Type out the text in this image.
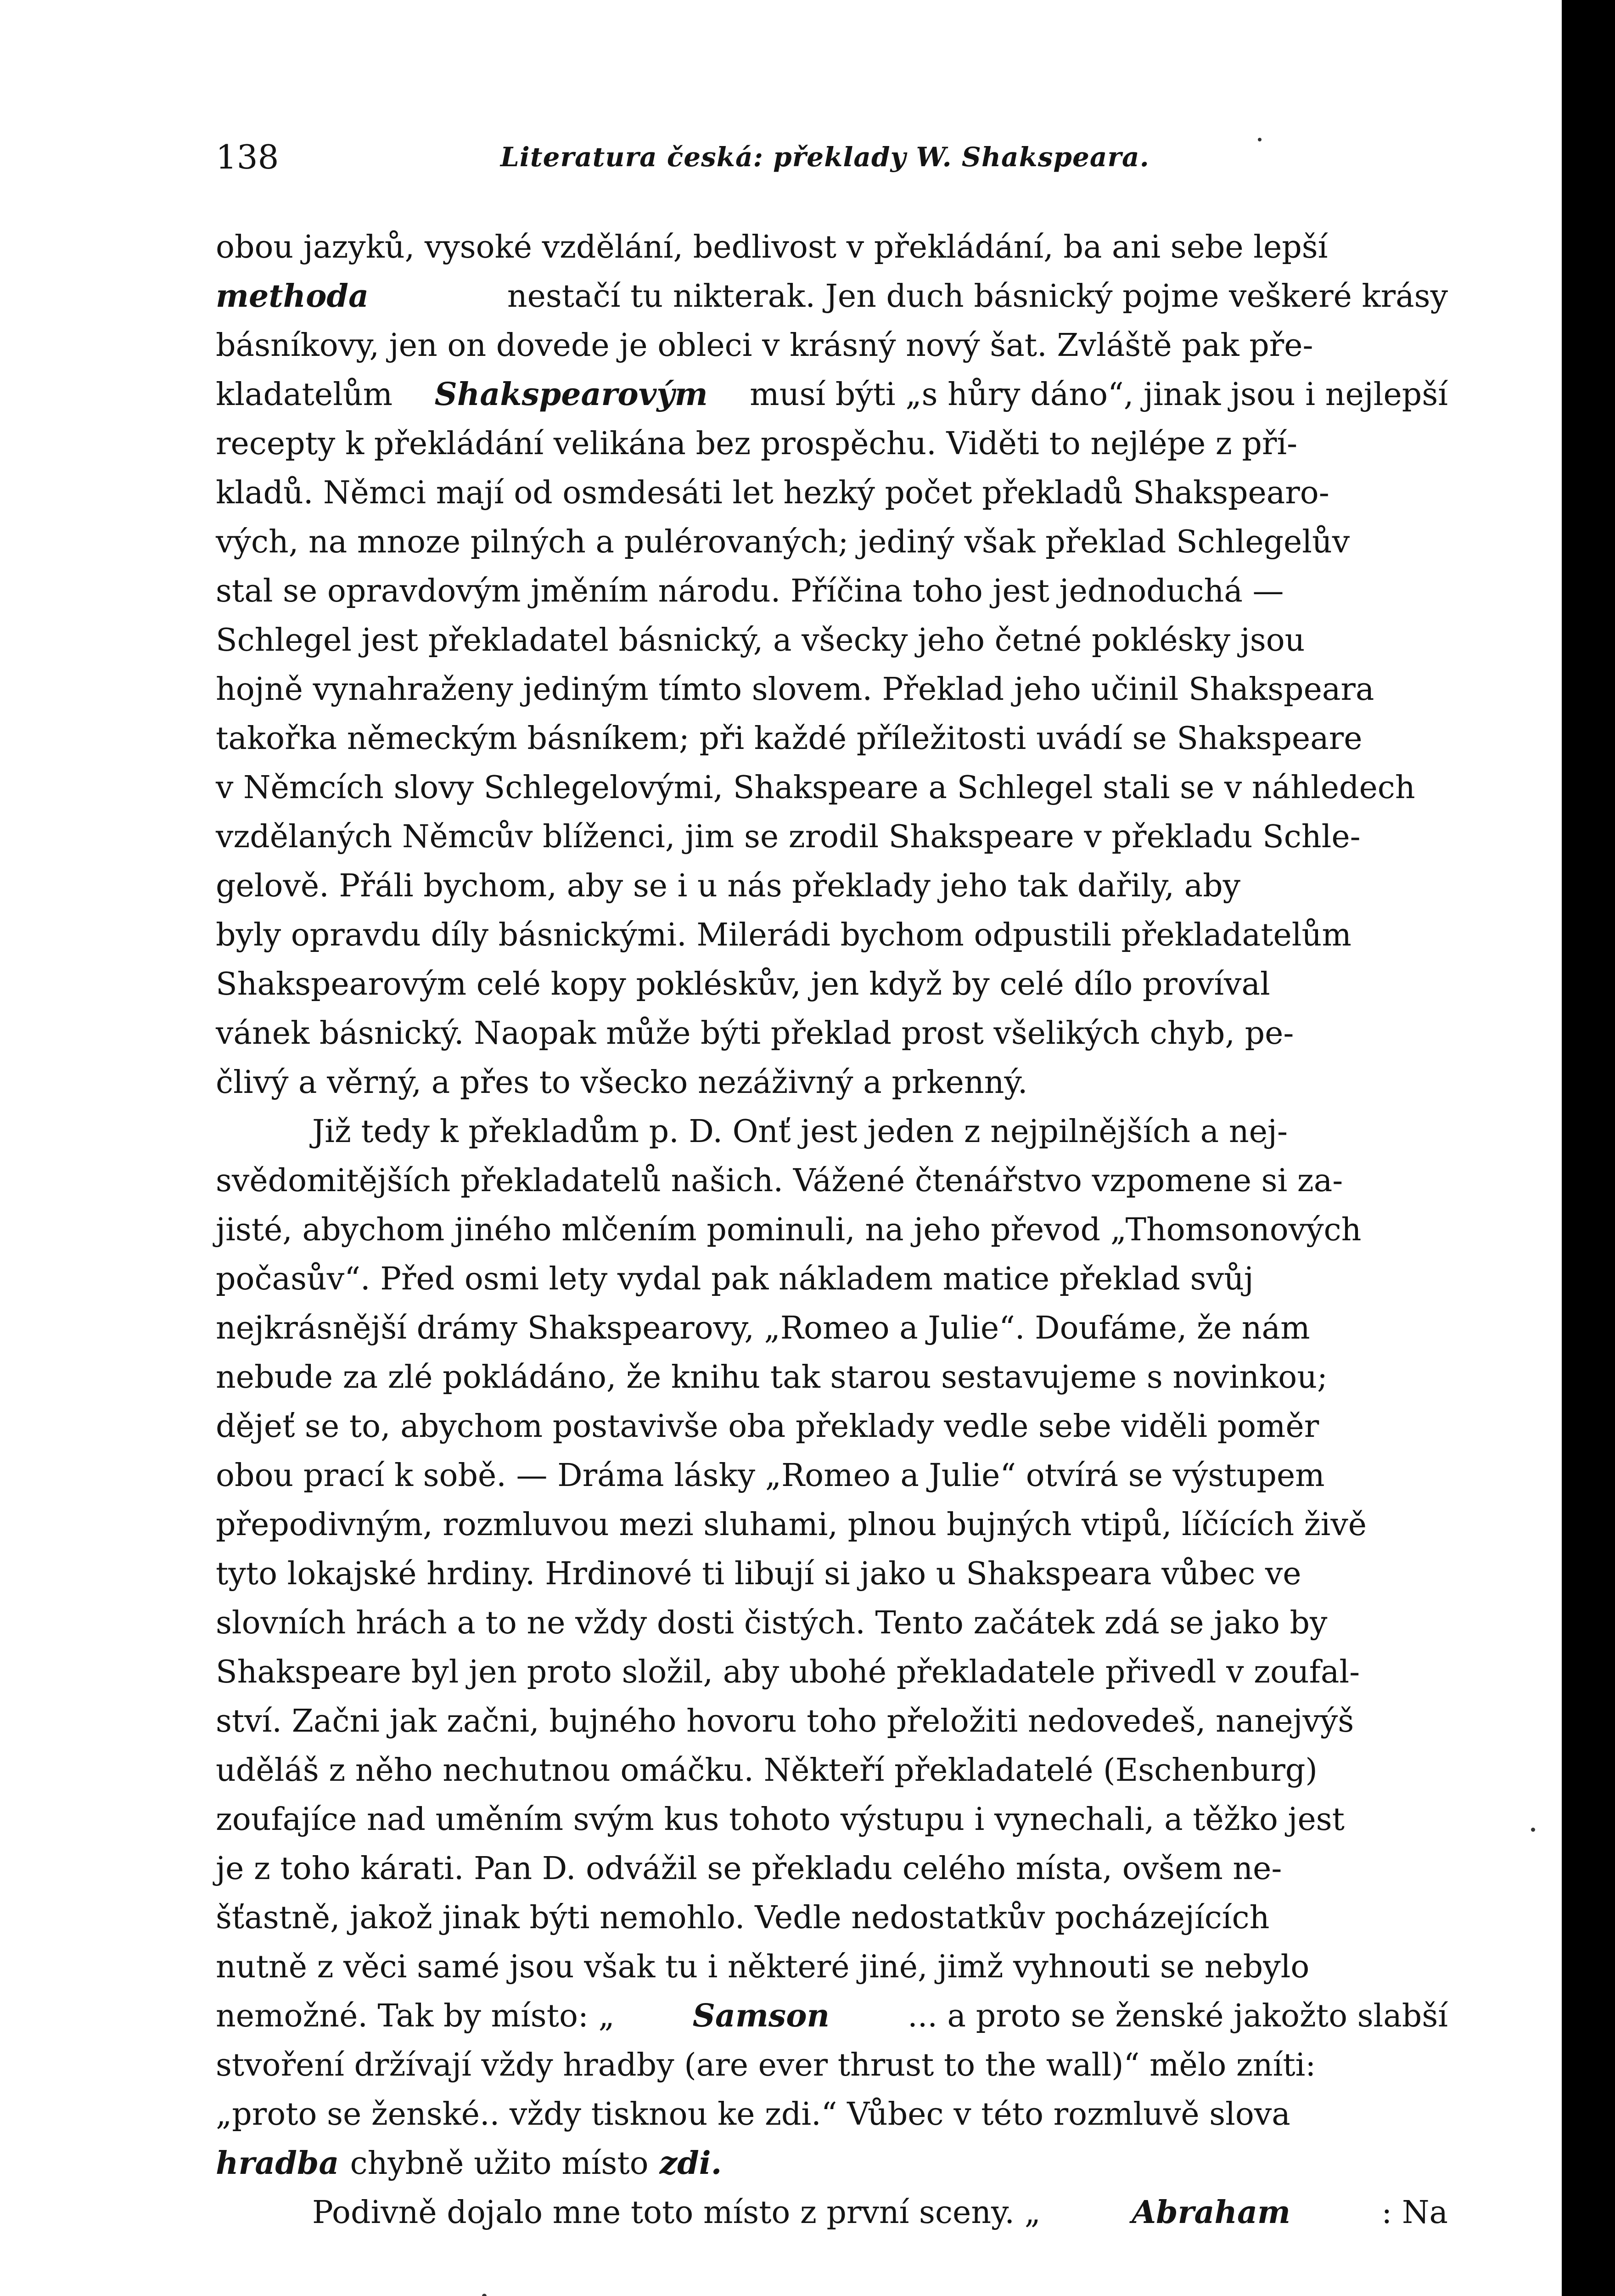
138	Literatura česká: překlady W. Shakspeara.
obou jazyků, vysoké vzdělání, bedlivost v překládání, ba ani sebe lepší
methoda	nestačí tu nikterak. Jen duch básnický pojme veškeré krásy
básníkovy, jen on dovede je obleci v krásný nový šat. Zvláště pak pře-
kladatelům Shakspearovým musí býti „s hůry dáno“, jinak jsou i nejlepší
recepty k překládání velikána bez prospěchu. Viděti to nejlépe z pří-
kladů. Němci mají od osmdesáti let hezký počet překladů Shakspearo-
vých, na mnoze pilných a pulérovaných; jediný však překlad Schlegelův
stal se opravdovým jměním národu. Příčina toho jest jednoduchá —
Schlegel jest překladatel básnický, a všecky jeho četné poklésky jsou
hojně vynahraženy jediným tímto slovem. Překlad jeho učinil Shakspeara
takořka německým básníkem; při každé příležitosti uvádí se Shakspeare
v Němcích slovy Schlegelovými, Shakspeare a Schlegel stali se v náhledech
vzdělaných Němcův blíženci, jim se zrodil Shakspeare v překladu Schle-
gelově. Přáli bychom, aby se i u nás překlady jeho tak dařily, aby
byly opravdu díly básnickými. Milerádi bychom odpustili překladatelům
Shakspearovým celé kopy pokléskův, jen když by celé dílo províval
vánek básnický. Naopak může býti překlad prost všelikých chyb, pe-
člivý a věrný, a přes to všecko nezáživný a prkenný.
Již tedy k překladům p. D. Onť jest jeden z nejpilnějších a nej-
svědomitějších překladatelů našich. Vážené čtenářstvo vzpomene si za-
jisté, abychom jiného mlčením pominuli, na jeho převod „Thomsonových
počasův“. Před osmi lety vydal pak nákladem matice překlad svůj
nejkrásnější drámy Shakspearovy, „Romeo a Julie“. Doufáme, že nám
nebude za zlé pokládáno, že knihu tak starou sestavujeme s novinkou;
dějeť se to, abychom postavivše oba překlady vedle sebe viděli poměr
obou prací k sobě. — Dráma lásky „Romeo a Julie“ otvírá se výstupem
přepodivným, rozmluvou mezi sluhami, plnou bujných vtipů, líčících živě
tyto lokajské hrdiny. Hrdinové ti libují si jako u Shakspeara vůbec ve
slovních hrách a to ne vždy dosti čistých. Tento začátek zdá se jako by
Shakspeare byl jen proto složil, aby ubohé překladatele přivedl v zoufal-
ství. Začni jak začni, bujného hovoru toho přeložiti nedovedeš, nanejvýš
uděláš z něho nechutnou omáčku. Někteří překladatelé (Eschenburg)
zoufajíce nad uměním svým kus tohoto výstupu i vynechali, a těžko jest
je z toho kárati. Pan D. odvážil se překladu celého místa, ovšem ne-
šťastně, jakož jinak býti nemohlo. Vedle nedostatkův pocházejících
nutně z věci samé jsou však tu i některé jiné, jimž vyhnouti se nebylo
nemožné. Tak by místo: „	Samson	... a proto se ženské jakožto slabší
stvoření držívají vždy hradby (are ever thrust to the wall)“ mělo zníti:
„proto se ženské.. vždy tisknou ke zdi.“ Vůbec v této rozmluvě slova
hradba chybně užito místo zdi.
Podivně dojalo mne toto místo z první sceny. „	Abraham	: Na
